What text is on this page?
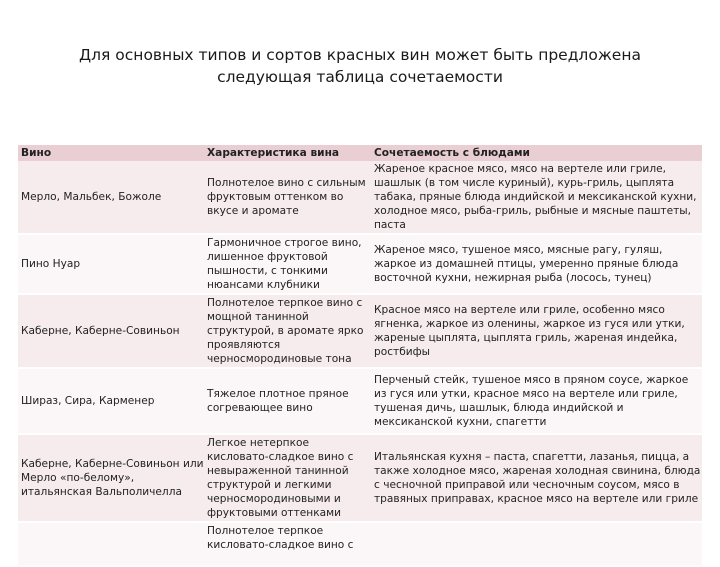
Для основных типов и сортов красных вин может быть предложена следующая таблица сочетаемости
Вино	Характеристика вина	Сочетаемость с блюдами
Мерло, Мальбек, Божоле	Полнотелое вино с сильным фруктовым оттенком во вкусе и аромате	Жареное красное мясо, мясо на вертеле или гриле, шашлык (в том числе куриный), курь-гриль, цыплята табака, пряные блюда индийской и мексиканской кухни, холодное мясо, рыба-гриль, рыбные и мясные паштеты, паста
Пино Нуар	Гармоничное строгое вино, лишенное фруктовой пышности, с тонкими нюансами клубники	Жареное мясо, тушеное мясо, мясные рагу, гуляш, жаркое из домашней птицы, умеренно пряные блюда восточной кухни, нежирная рыба (лосось, тунец)
Каберне, Каберне-Совиньон	Полнотелое терпкое вино с мощной танинной структурой, в аромате ярко проявляются черносмородиновые тона	Красное мясо на вертеле или гриле, особенно мясо ягненка, жаркое из оленины, жаркое из гуся или утки, жареные цыплята, цыплята гриль, жареная индейка, ростбифы
Шираз, Сира, Карменер	Тяжелое плотное пряное согревающее вино	Перченый стейк, тушеное мясо в пряном соусе, жаркое из гуся или утки, красное мясо на вертеле или гриле, тушеная дичь, шашлык, блюда индийской и мексиканской кухни, спагетти
Каберне, Каберне-Совиньон или Мерло «по-белому», итальянская Вальполичелла	Легкое нетерпкое кисловато-сладкое вино с невыраженной танинной структурой и легкими черносмородиновыми и фруктовыми оттенками	Итальянская кухня – паста, спагетти, лазанья, пицца, а также холодное мясо, жареная холодная свинина, блюда с чесночной приправой или чесночным соусом, мясо в травяных приправах, красное мясо на вертеле или гриле
	Полнотелое терпкое кисловато-сладкое вино с	
